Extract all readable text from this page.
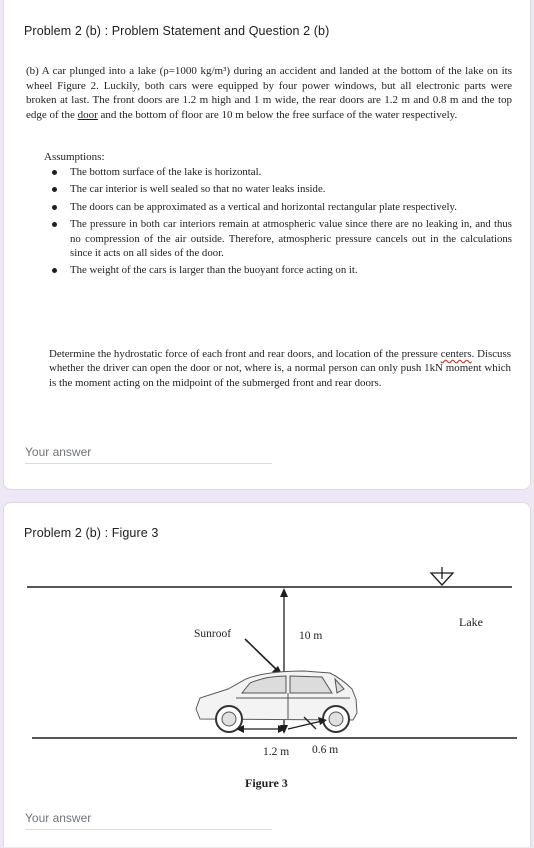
Problem 2 (b) : Problem Statement and Question 2 (b)
(b) A car plunged into a lake (ρ=1000 kg/m³) during an accident and landed at the bottom of the lake on its wheel Figure 2. Luckily, both cars were equipped by four power windows, but all electronic parts were broken at last. The front doors are 1.2 m high and 1 m wide, the rear doors are 1.2 m and 0.8 m and the top edge of the door and the bottom of floor are 10 m below the free surface of the water respectively.
Assumptions:
The bottom surface of the lake is horizontal.
The car interior is well sealed so that no water leaks inside.
The doors can be approximated as a vertical and horizontal rectangular plate respectively.
The pressure in both car interiors remain at atmospheric value since there are no leaking in, and thus no compression of the air outside. Therefore, atmospheric pressure cancels out in the calculations since it acts on all sides of the door.
The weight of the cars is larger than the buoyant force acting on it.
Determine the hydrostatic force of each front and rear doors, and location of the pressure centers. Discuss whether the driver can open the door or not, where is, a normal person can only push 1kN moment which is the moment acting on the midpoint of the submerged front and rear doors.
Your answer
Problem 2 (b) : Figure 3
Sunroof	10 m
Lake
1.2 m 0.6 m
Figure 3
Your answer
